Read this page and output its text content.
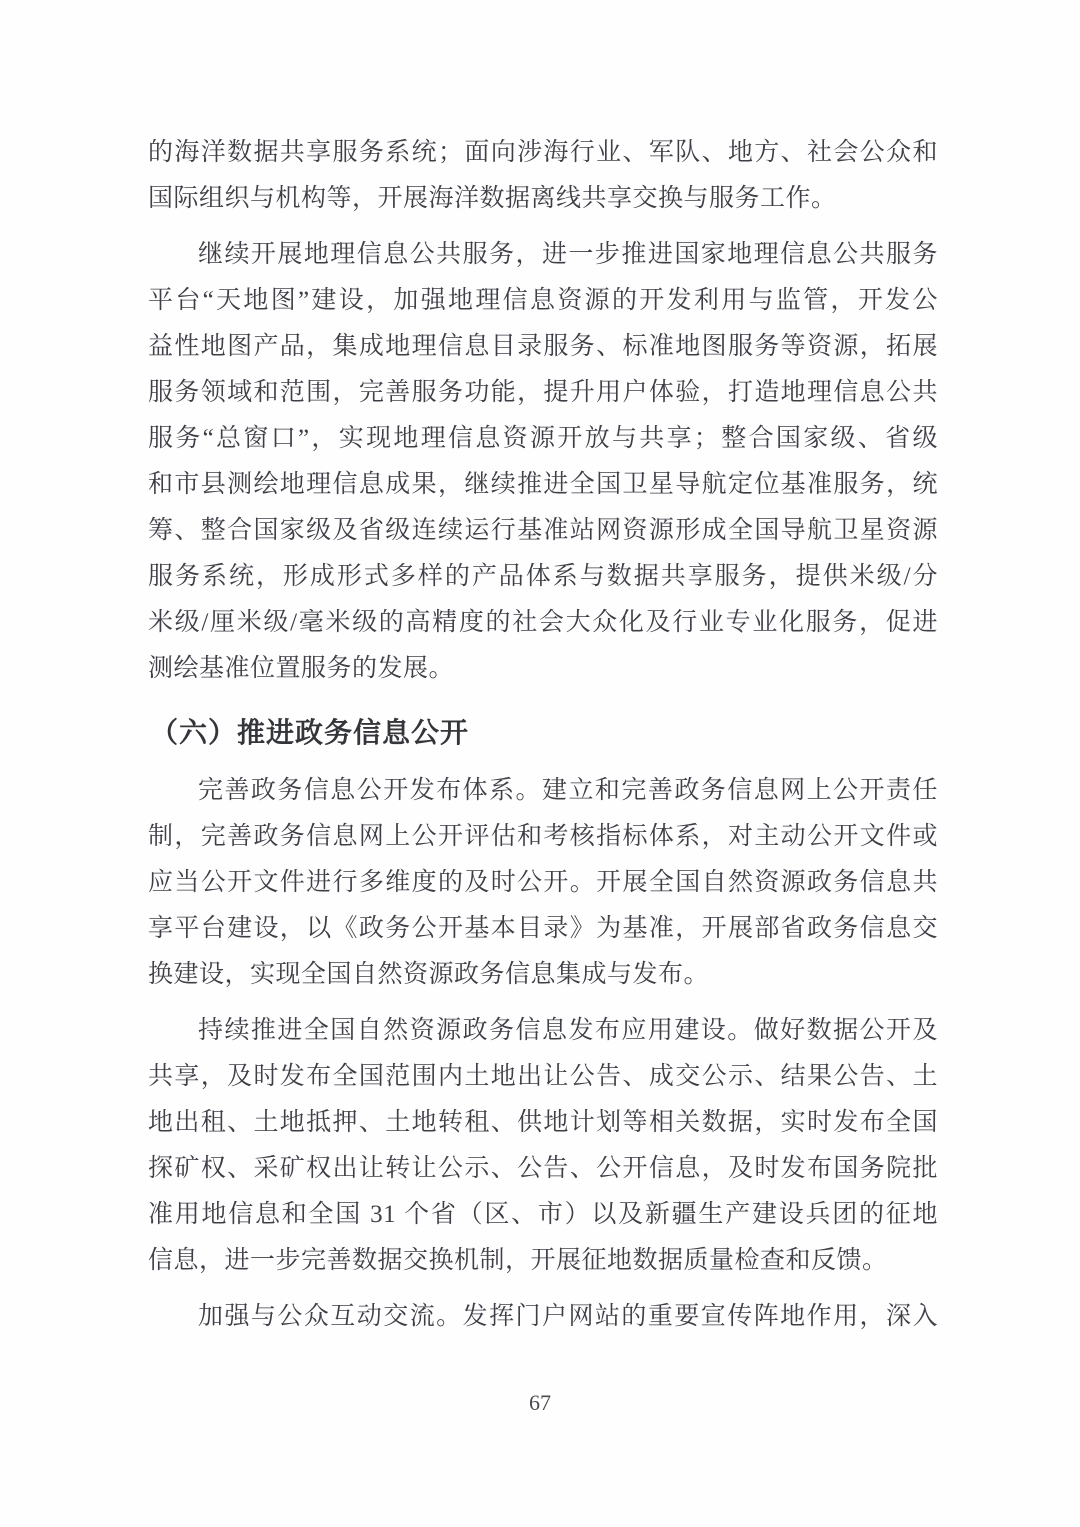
的海洋数据共享服务系统；面向涉海行业、军队、地方、社会公众和
国际组织与机构等，开展海洋数据离线共享交换与服务工作。
继续开展地理信息公共服务，进一步推进国家地理信息公共服务
平台“天地图”建设，加强地理信息资源的开发利用与监管，开发公
益性地图产品，集成地理信息目录服务、标准地图服务等资源，拓展
服务领域和范围，完善服务功能，提升用户体验，打造地理信息公共
服务“总窗口”，实现地理信息资源开放与共享；整合国家级、省级
和市县测绘地理信息成果，继续推进全国卫星导航定位基准服务，统
筹、整合国家级及省级连续运行基准站网资源形成全国导航卫星资源
服务系统，形成形式多样的产品体系与数据共享服务，提供米级/分
米级/厘米级/毫米级的高精度的社会大众化及行业专业化服务，促进
测绘基准位置服务的发展。
（六）推进政务信息公开
完善政务信息公开发布体系。建立和完善政务信息网上公开责任
制，完善政务信息网上公开评估和考核指标体系，对主动公开文件或
应当公开文件进行多维度的及时公开。开展全国自然资源政务信息共
享平台建设，以《政务公开基本目录》为基准，开展部省政务信息交
换建设，实现全国自然资源政务信息集成与发布。
持续推进全国自然资源政务信息发布应用建设。做好数据公开及
共享，及时发布全国范围内土地出让公告、成交公示、结果公告、土
地出租、土地抵押、土地转租、供地计划等相关数据，实时发布全国
探矿权、采矿权出让转让公示、公告、公开信息，及时发布国务院批
准用地信息和全国 31 个省（区、市）以及新疆生产建设兵团的征地
信息，进一步完善数据交换机制，开展征地数据质量检查和反馈。
加强与公众互动交流。发挥门户网站的重要宣传阵地作用，深入
67
